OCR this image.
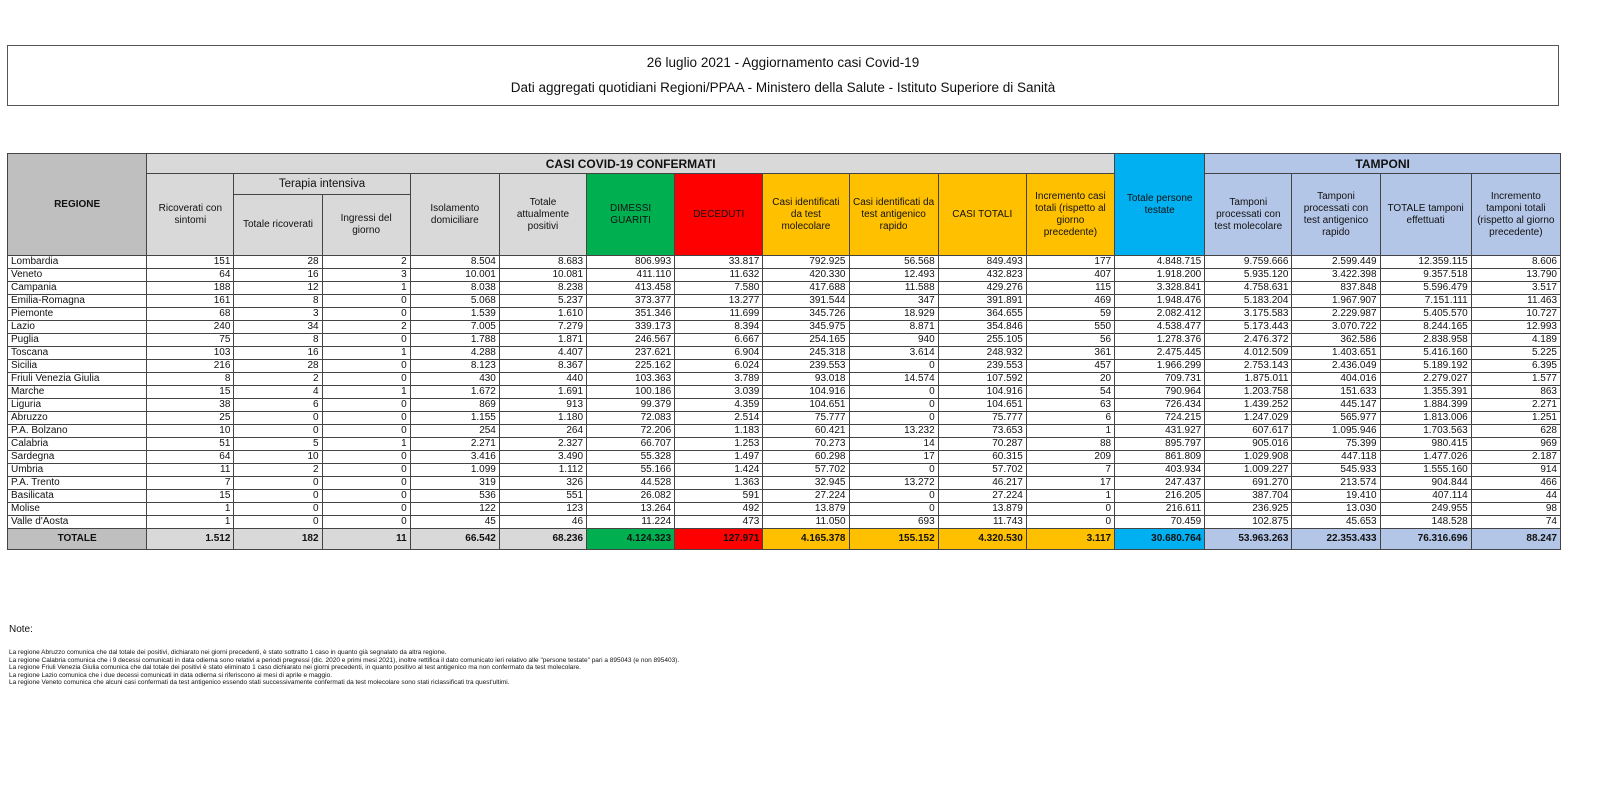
26 luglio 2021 - Aggiornamento casi Covid-19
Dati aggregati quotidiani Regioni/PPAA - Ministero della Salute - Istituto Superiore di Sanità
REGIONE	CASI COVID-19 CONFERMATI											Totale persone testate	TAMPONI			
	Ricoverati con sintomi	Terapia intensiva		Isolamento domiciliare	Totale attualmente positivi	DIMESSI GUARITI	DECEDUTI	Casi identificati da test molecolare	Casi identificati da test antigenico rapido	CASI TOTALI	Incremento casi totali (rispetto al giorno precedente)		Tamponi processati con test molecolare	Tamponi processati con test antigenico rapido	TOTALE tamponi effettuati	Incremento tamponi totali (rispetto al giorno precedente)
		Totale ricoverati	Ingressi del giorno													
Lombardia	151	28	2	8.504	8.683	806.993	33.817	792.925	56.568	849.493	177	4.848.715	9.759.666	2.599.449	12.359.115	8.606
Veneto	64	16	3	10.001	10.081	411.110	11.632	420.330	12.493	432.823	407	1.918.200	5.935.120	3.422.398	9.357.518	13.790
Campania	188	12	1	8.038	8.238	413.458	7.580	417.688	11.588	429.276	115	3.328.841	4.758.631	837.848	5.596.479	3.517
Emilia-Romagna	161	8	0	5.068	5.237	373.377	13.277	391.544	347	391.891	469	1.948.476	5.183.204	1.967.907	7.151.111	11.463
Piemonte	68	3	0	1.539	1.610	351.346	11.699	345.726	18.929	364.655	59	2.082.412	3.175.583	2.229.987	5.405.570	10.727
Lazio	240	34	2	7.005	7.279	339.173	8.394	345.975	8.871	354.846	550	4.538.477	5.173.443	3.070.722	8.244.165	12.993
Puglia	75	8	0	1.788	1.871	246.567	6.667	254.165	940	255.105	56	1.278.376	2.476.372	362.586	2.838.958	4.189
Toscana	103	16	1	4.288	4.407	237.621	6.904	245.318	3.614	248.932	361	2.475.445	4.012.509	1.403.651	5.416.160	5.225
Sicilia	216	28	0	8.123	8.367	225.162	6.024	239.553	0	239.553	457	1.966.299	2.753.143	2.436.049	5.189.192	6.395
Friuli Venezia Giulia	8	2	0	430	440	103.363	3.789	93.018	14.574	107.592	20	709.731	1.875.011	404.016	2.279.027	1.577
Marche	15	4	1	1.672	1.691	100.186	3.039	104.916	0	104.916	54	790.964	1.203.758	151.633	1.355.391	863
Liguria	38	6	0	869	913	99.379	4.359	104.651	0	104.651	63	726.434	1.439.252	445.147	1.884.399	2.271
Abruzzo	25	0	0	1.155	1.180	72.083	2.514	75.777	0	75.777	6	724.215	1.247.029	565.977	1.813.006	1.251
P.A. Bolzano	10	0	0	254	264	72.206	1.183	60.421	13.232	73.653	1	431.927	607.617	1.095.946	1.703.563	628
Calabria	51	5	1	2.271	2.327	66.707	1.253	70.273	14	70.287	88	895.797	905.016	75.399	980.415	969
Sardegna	64	10	0	3.416	3.490	55.328	1.497	60.298	17	60.315	209	861.809	1.029.908	447.118	1.477.026	2.187
Umbria	11	2	0	1.099	1.112	55.166	1.424	57.702	0	57.702	7	403.934	1.009.227	545.933	1.555.160	914
P.A. Trento	7	0	0	319	326	44.528	1.363	32.945	13.272	46.217	17	247.437	691.270	213.574	904.844	466
Basilicata	15	0	0	536	551	26.082	591	27.224	0	27.224	1	216.205	387.704	19.410	407.114	44
Molise	1	0	0	122	123	13.264	492	13.879	0	13.879	0	216.611	236.925	13.030	249.955	98
Valle d'Aosta	1	0	0	45	46	11.224	473	11.050	693	11.743	0	70.459	102.875	45.653	148.528	74
TOTALE	1.512	182	11	66.542	68.236	4.124.323	127.971	4.165.378	155.152	4.320.530	3.117	30.680.764	53.963.263	22.353.433	76.316.696	88.247
Note:
La regione Abruzzo comunica che dal totale dei positivi, dichiarato nei giorni precedenti, è stato sottratto 1 caso in quanto già segnalato da altra regione.
La regione Calabria comunica che i 9 decessi comunicati in data odierna sono relativi a periodi pregressi (dic. 2020 e primi mesi 2021), inoltre rettifica il dato comunicato ieri relativo alle "persone testate" pari a 895043 (e non 895403).
La regione Friuli Venezia Giulia comunica che dal totale dei positivi è stato eliminato 1 caso dichiarato nei giorni precedenti, in quanto positivo al test antigenico ma non confermato da test molecolare.
La regione Lazio comunica che i due decessi comunicati in data odierna si riferiscono ai mesi di aprile e maggio.
La regione Veneto comunica che alcuni casi confermati da test antigenico essendo stati successivamente confermati da test molecolare sono stati riclassificati tra quest'ultimi.
